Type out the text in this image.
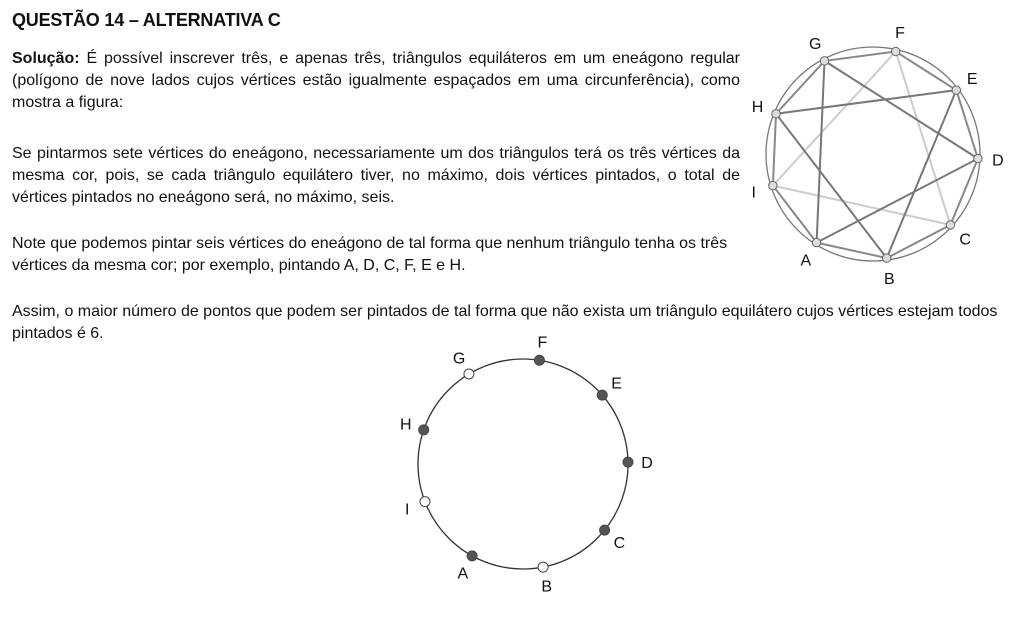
QUESTÃO 14 – ALTERNATIVA C

Solução: É possível inscrever três, e apenas três, triângulos equiláteros em um eneágono regular (polígono de nove lados cujos vértices estão igualmente espaçados em uma circunferência), como mostra a figura:

Se pintarmos sete vértices do eneágono, necessariamente um dos triângulos terá os três vértices da mesma cor, pois, se cada triângulo equilátero tiver, no máximo, dois vértices pintados, o total de vértices pintados no eneágono será, no máximo, seis.

Note que podemos pintar seis vértices do eneágono de tal forma que nenhum triângulo tenha os três vértices da mesma cor; por exemplo, pintando A, D, C, F, E e H.

Assim, o maior número de pontos que podem ser pintados de tal forma que não exista um triângulo equilátero cujos vértices estejam todos pintados é 6.

A
B
C
D
E
F
G
H
I
A
B
C
D
E
F
G
H
I
